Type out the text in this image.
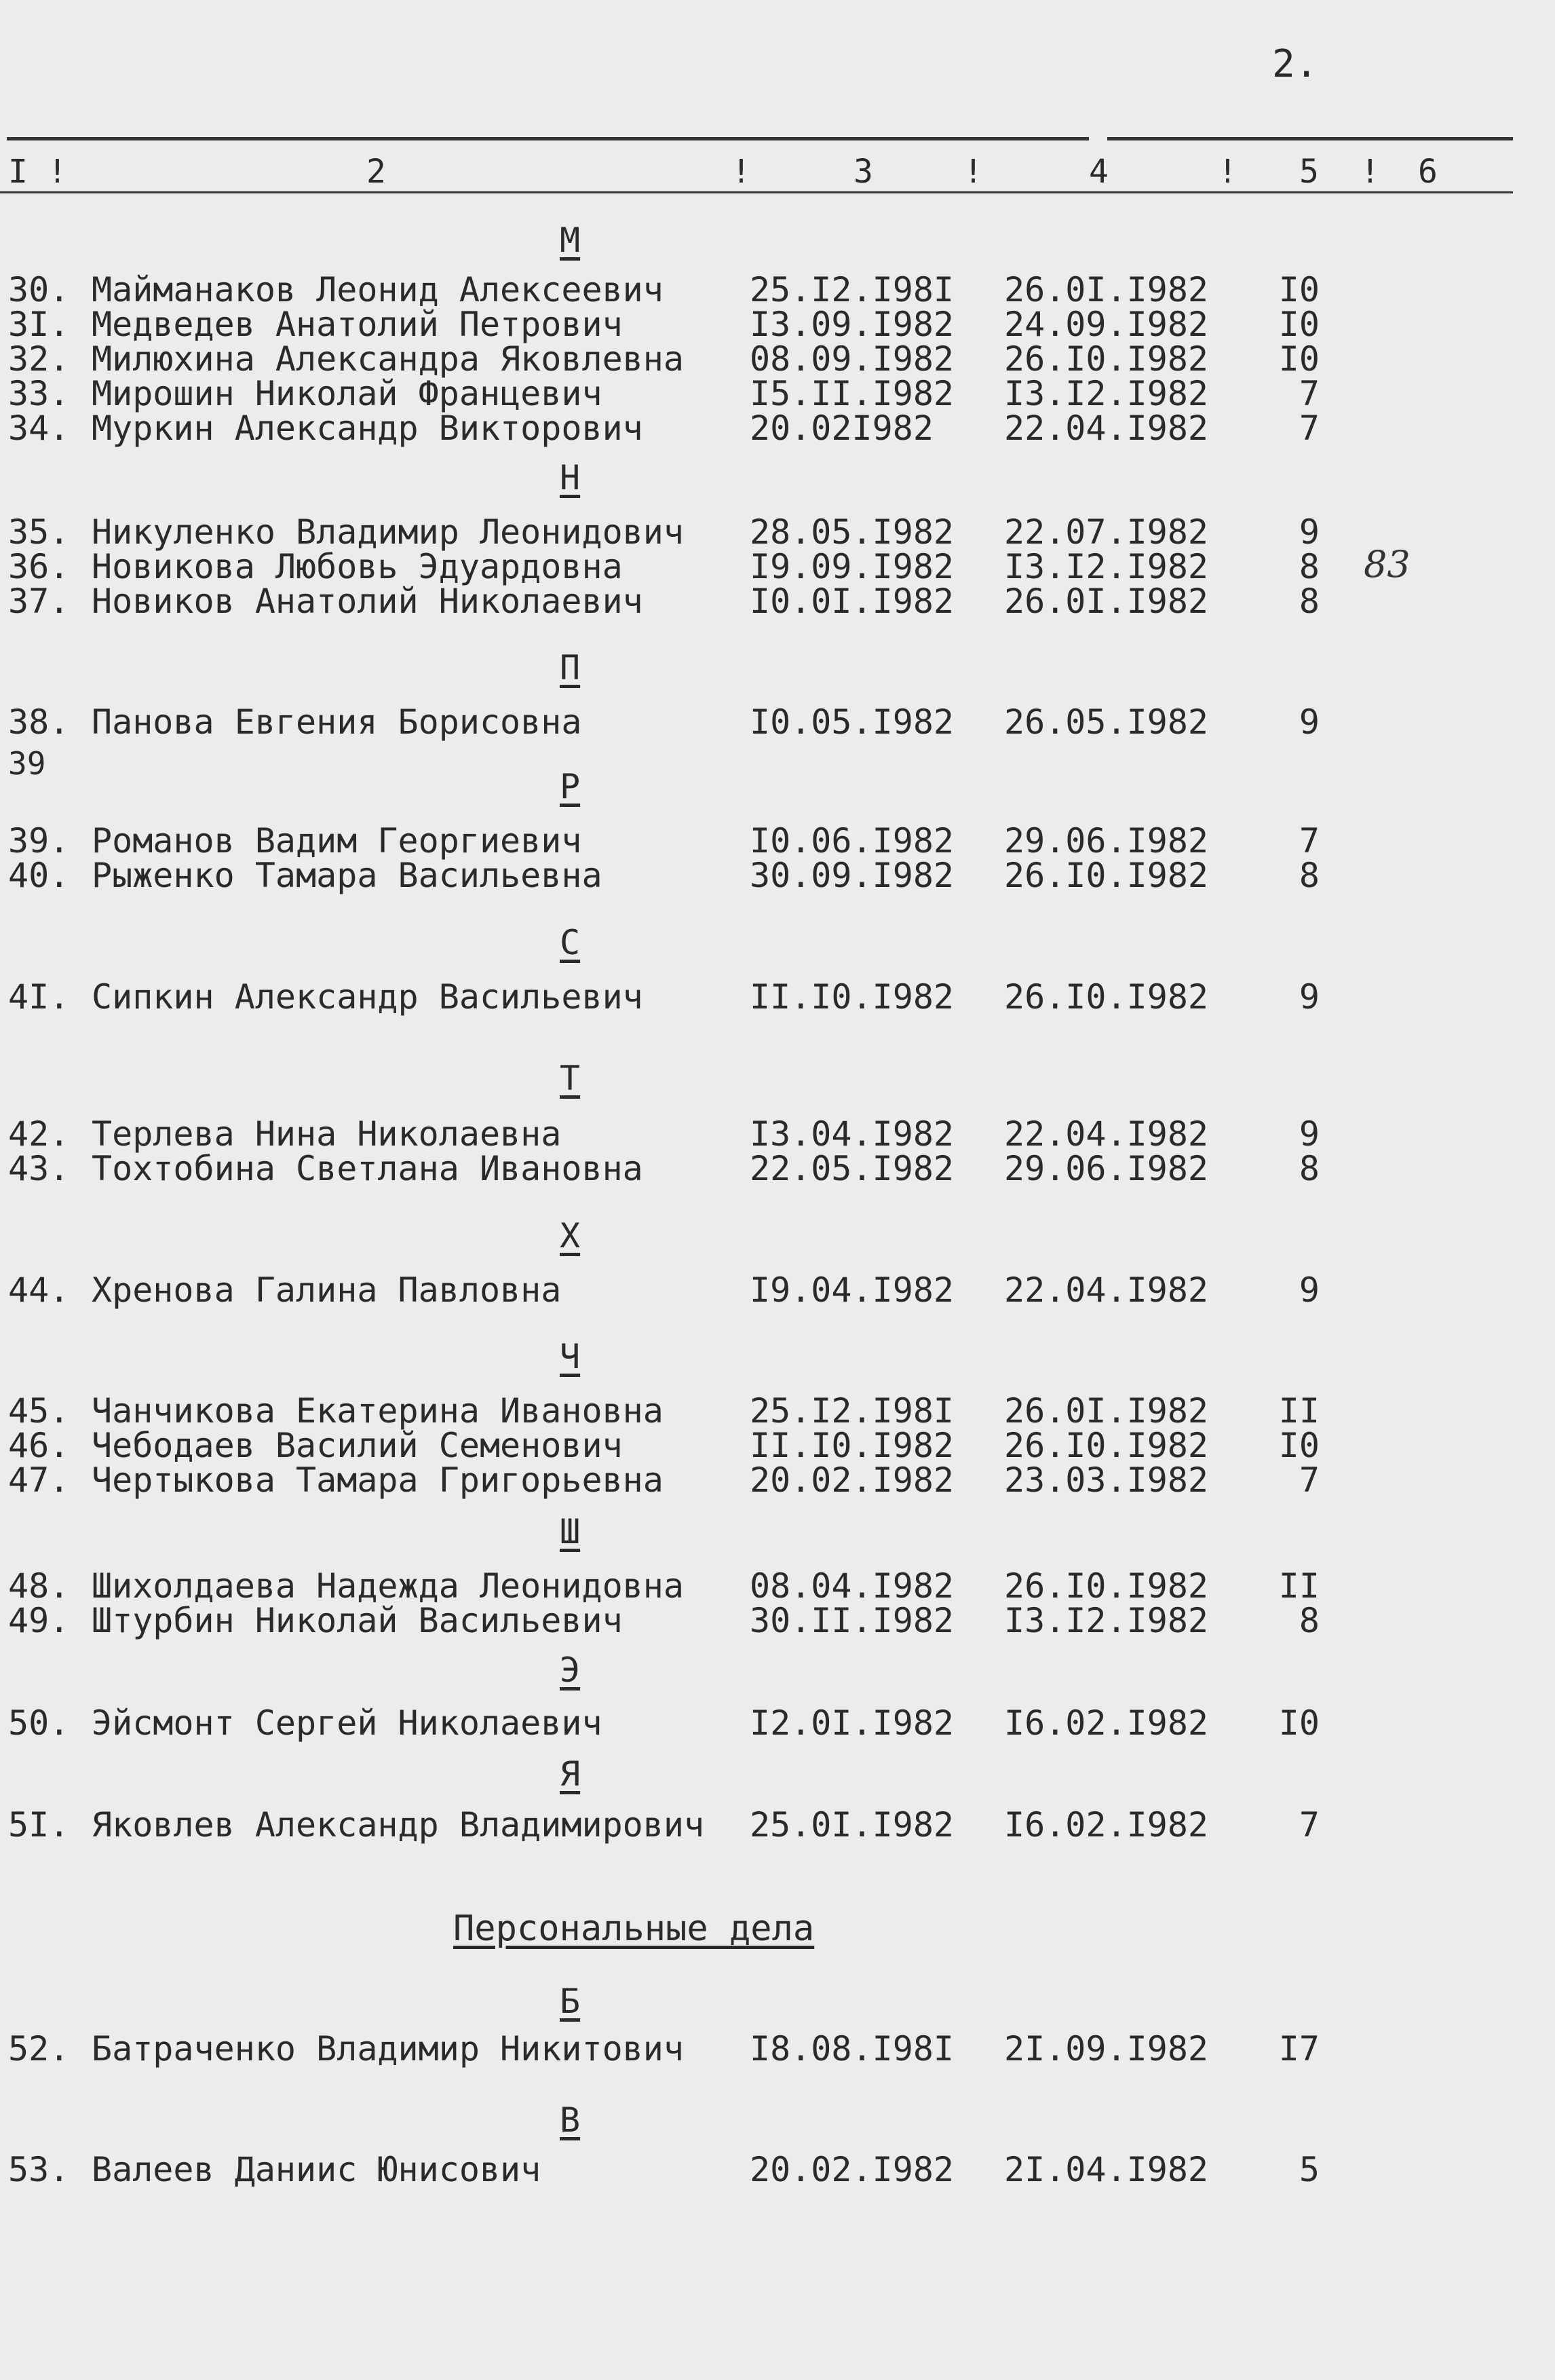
2.
I !	2	!	3	!	4	! 5 ! 6
М
30. Майманаков Леонид Алексеевич	25.I2.I98I 26.0I.I982	I0
3I. Медведев Анатолий Петрович	I3.09.I982 24.09.I982	I0
32. Милюхина Александра Яковлевна 08.09.I982 26.I0.I982	I0
33. Мирошин Николай Францевич	I5.II.I982 I3.I2.I982	7
34. Муркин Александр Викторович	20.02I982 22.04.I982	7
Н
35. Никуленко Владимир Леонидович 28.05.I982 22.07.I982	9
36. Новикова Любовь Эдуардовна	I9.09.I982 I3.I2.I982	8
37. Новиков Анатолий Николаевич	I0.0I.I982 26.0I.I982	8
83
П
38. Панова Евгения Борисовна	I0.05.I982 26.05.I982	9
39
Р
39. Романов Вадим Георгиевич	I0.06.I982 29.06.I982	7
40. Рыженко Тамара Васильевна	30.09.I982 26.I0.I982	8
С
4I. Сипкин Александр Васильевич	II.I0.I982 26.I0.I982	9
Т
42. Терлева Нина Николаевна	I3.04.I982 22.04.I982	9
43. Тохтобина Светлана Ивановна	22.05.I982 29.06.I982	8
Х
44. Хренова Галина Павловна	I9.04.I982 22.04.I982	9
Ч
45. Чанчикова Екатерина Ивановна	25.I2.I98I 26.0I.I982	II
46. Чебодаев Василий Семенович	II.I0.I982 26.I0.I982	I0
47. Чертыкова Тамара Григорьевна	20.02.I982 23.03.I982	7
Ш
48. Шихолдаева Надежда Леонидовна 08.04.I982 26.I0.I982	II
49. Штурбин Николай Васильевич	30.II.I982 I3.I2.I982	8
Э
50. Эйсмонт Сергей Николаевич	I2.0I.I982 I6.02.I982	I0
Я
5I. Яковлев Александр Владимирович 25.0I.I982 I6.02.I982	7
Персональные дела
Б
52. Батраченко Владимир Никитович I8.08.I98I 2I.09.I982	I7
В
53. Валеев Даниис Юнисович	20.02.I982 2I.04.I982	5
